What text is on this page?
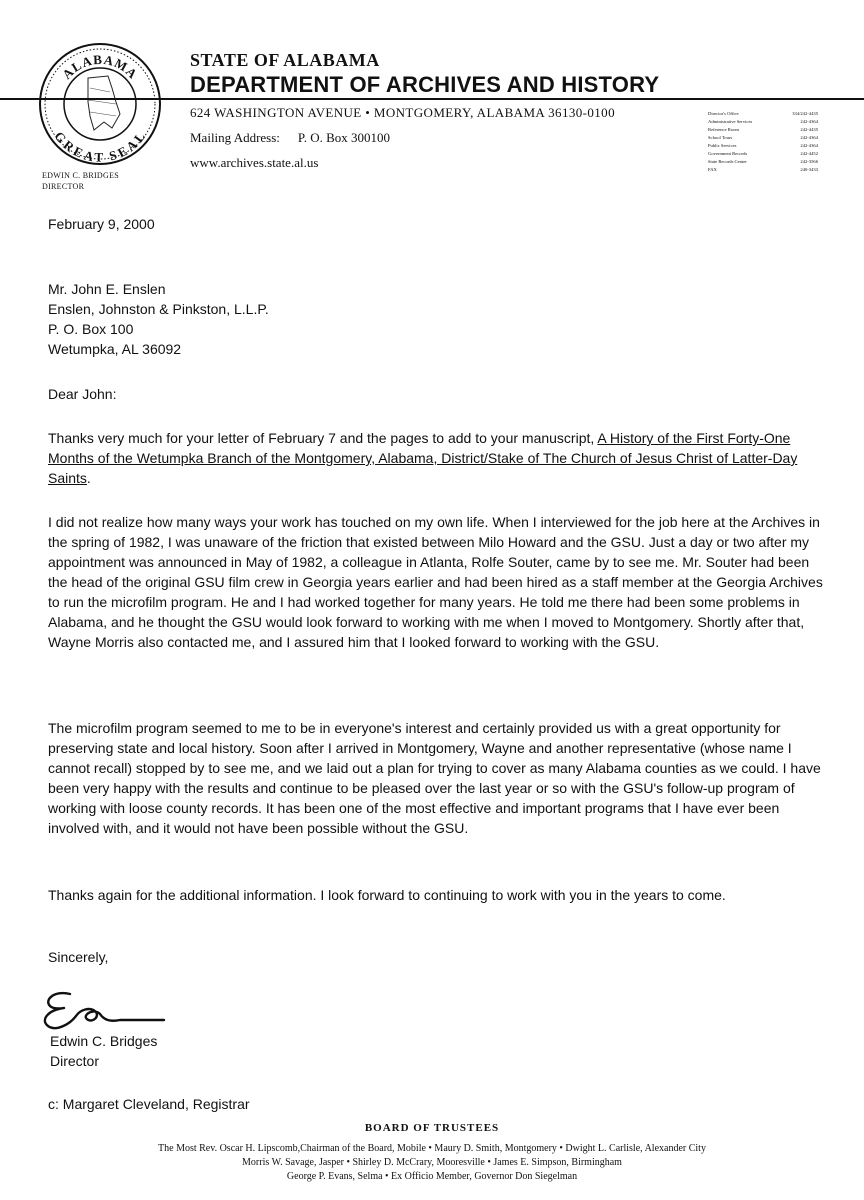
ALABAMA
GREAT SEAL
EDWIN C. BRIDGES
DIRECTOR
STATE OF ALABAMA
DEPARTMENT OF ARCHIVES AND HISTORY
624 WASHINGTON AVENUE • MONTGOMERY, ALABAMA 36130-0100
Mailing Address: P. O. Box 300100
www.archives.state.al.us
Director's Office	334/242-4435
Administrative Services	242-4364
Reference Room	242-4435
School Tours	242-4364
Public Services	242-4364
Government Records	242-4452
State Records Center	242-3566
FAX	240-3433
February 9, 2000
Mr. John E. Enslen
Enslen, Johnston & Pinkston, L.L.P.
P. O. Box 100
Wetumpka, AL 36092
Dear John:

Thanks very much for your letter of February 7 and the pages to add to your manuscript, A History of the First Forty-One Months of the Wetumpka Branch of the Montgomery, Alabama, District/Stake of The Church of Jesus Christ of Latter-Day Saints.

I did not realize how many ways your work has touched on my own life. When I interviewed for the job here at the Archives in the spring of 1982, I was unaware of the friction that existed between Milo Howard and the GSU. Just a day or two after my appointment was announced in May of 1982, a colleague in Atlanta, Rolfe Souter, came by to see me. Mr. Souter had been the head of the original GSU film crew in Georgia years earlier and had been hired as a staff member at the Georgia Archives to run the microfilm program. He and I had worked together for many years. He told me there had been some problems in Alabama, and he thought the GSU would look forward to working with me when I moved to Montgomery. Shortly after that, Wayne Morris also contacted me, and I assured him that I looked forward to working with the GSU.

The microfilm program seemed to me to be in everyone's interest and certainly provided us with a great opportunity for preserving state and local history. Soon after I arrived in Montgomery, Wayne and another representative (whose name I cannot recall) stopped by to see me, and we laid out a plan for trying to cover as many Alabama counties as we could. I have been very happy with the results and continue to be pleased over the last year or so with the GSU's follow-up program of working with loose county records. It has been one of the most effective and important programs that I have ever been involved with, and it would not have been possible without the GSU.

Thanks again for the additional information. I look forward to continuing to work with you in the years to come.

Sincerely,
Edwin C. Bridges
Director
c: Margaret Cleveland, Registrar
BOARD OF TRUSTEES
The Most Rev. Oscar H. Lipscomb,Chairman of the Board, Mobile • Maury D. Smith, Montgomery • Dwight L. Carlisle, Alexander City
Morris W. Savage, Jasper • Shirley D. McCrary, Mooresville • James E. Simpson, Birmingham
George P. Evans, Selma • Ex Officio Member, Governor Don Siegelman
